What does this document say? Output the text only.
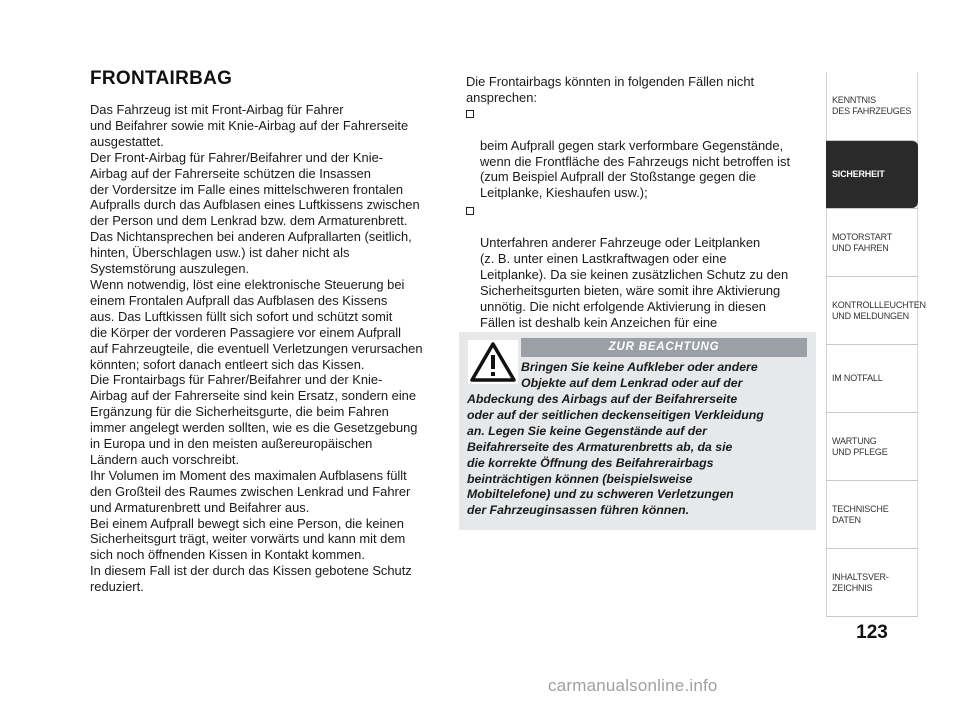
FRONTAIRBAG

Das Fahrzeug ist mit Front-Airbag für Fahrer
und Beifahrer sowie mit Knie-Airbag auf der Fahrerseite
ausgestattet.
Der Front-Airbag für Fahrer/Beifahrer und der Knie-
Airbag auf der Fahrerseite schützen die Insassen
der Vordersitze im Falle eines mittelschweren frontalen
Aufpralls durch das Aufblasen eines Luftkissens zwischen
der Person und dem Lenkrad bzw. dem Armaturenbrett.
Das Nichtansprechen bei anderen Aufprallarten (seitlich,
hinten, Überschlagen usw.) ist daher nicht als
Systemstörung auszulegen.
Wenn notwendig, löst eine elektronische Steuerung bei
einem Frontalen Aufprall das Aufblasen des Kissens
aus. Das Luftkissen füllt sich sofort und schützt somit
die Körper der vorderen Passagiere vor einem Aufprall
auf Fahrzeugteile, die eventuell Verletzungen verursachen
könnten; sofort danach entleert sich das Kissen.
Die Frontairbags für Fahrer/Beifahrer und der Knie-
Airbag auf der Fahrerseite sind kein Ersatz, sondern eine
Ergänzung für die Sicherheitsgurte, die beim Fahren
immer angelegt werden sollten, wie es die Gesetzgebung
in Europa und in den meisten außereuropäischen
Ländern auch vorschreibt.
Ihr Volumen im Moment des maximalen Aufblasens füllt
den Großteil des Raumes zwischen Lenkrad und Fahrer
und Armaturenbrett und Beifahrer aus.
Bei einem Aufprall bewegt sich eine Person, die keinen
Sicherheitsgurt trägt, weiter vorwärts und kann mit dem
sich noch öffnenden Kissen in Kontakt kommen.
In diesem Fall ist der durch das Kissen gebotene Schutz
reduziert.

Die Frontairbags könnten in folgenden Fällen nicht
ansprechen:

beim Aufprall gegen stark verformbare Gegenstände,
wenn die Frontfläche des Fahrzeugs nicht betroffen ist
(zum Beispiel Aufprall der Stoßstange gegen die
Leitplanke, Kieshaufen usw.);

Unterfahren anderer Fahrzeuge oder Leitplanken
(z. B. unter einen Lastkraftwagen oder eine
Leitplanke). Da sie keinen zusätzlichen Schutz zu den
Sicherheitsgurten bieten, wäre somit ihre Aktivierung
unnötig. Die nicht erfolgende Aktivierung in diesen
Fällen ist deshalb kein Anzeichen für eine

ZUR BEACHTUNG
Bringen Sie keine Aufkleber oder andere
Objekte auf dem Lenkrad oder auf der
Abdeckung des Airbags auf der Beifahrerseite
oder auf der seitlichen deckenseitigen Verkleidung
an. Legen Sie keine Gegenstände auf der
Beifahrerseite des Armaturenbretts ab, da sie
die korrekte Öffnung des Beifahrerairbags
beinträchtigen können (beispielsweise
Mobiltelefone) und zu schweren Verletzungen
der Fahrzeuginsassen führen können.
KENNTNIS
DES FAHRZEUGES
SICHERHEIT
MOTORSTART
UND FAHREN
KONTROLLLEUCHTEN
UND MELDUNGEN
IM NOTFALL
WARTUNG
UND PFLEGE
TECHNISCHE
DATEN
INHALTSVER-
ZEICHNIS
123
carmanualsonline.info
